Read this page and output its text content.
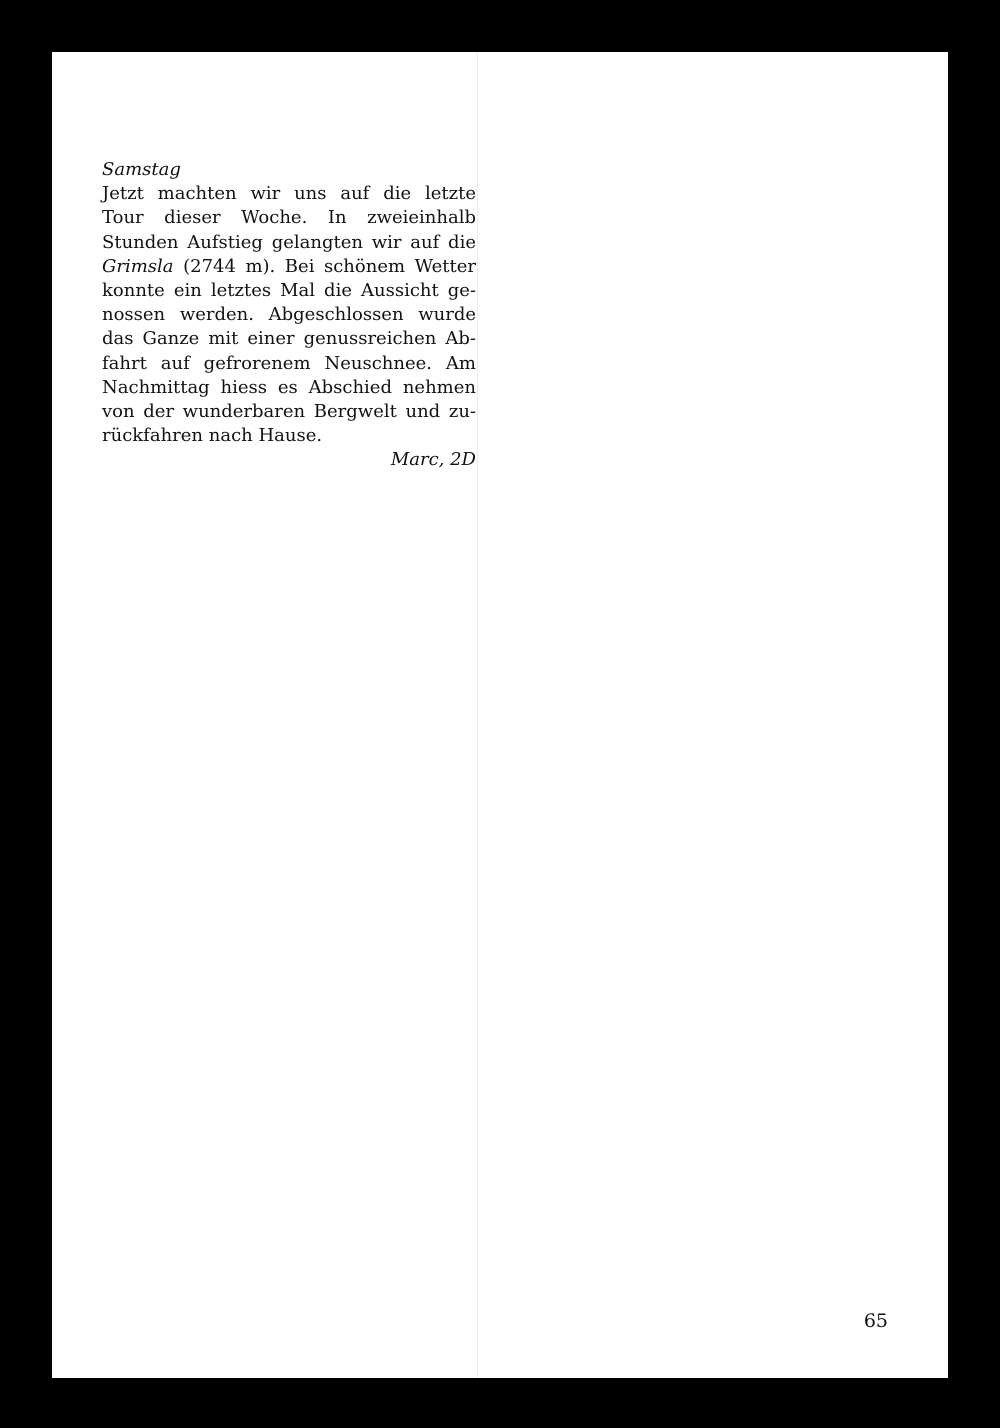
Samstag
Jetzt machten wir uns auf die letzte
Tour dieser Woche. In zweieinhalb
Stunden Aufstieg gelangten wir auf die
Grimsla (2744 m). Bei schönem Wetter
konnte ein letztes Mal die Aussicht ge-
nossen werden. Abgeschlossen wurde
das Ganze mit einer genussreichen Ab-
fahrt auf gefrorenem Neuschnee. Am
Nachmittag hiess es Abschied nehmen
von der wunderbaren Bergwelt und zu-
rückfahren nach Hause.
Marc, 2D
65
